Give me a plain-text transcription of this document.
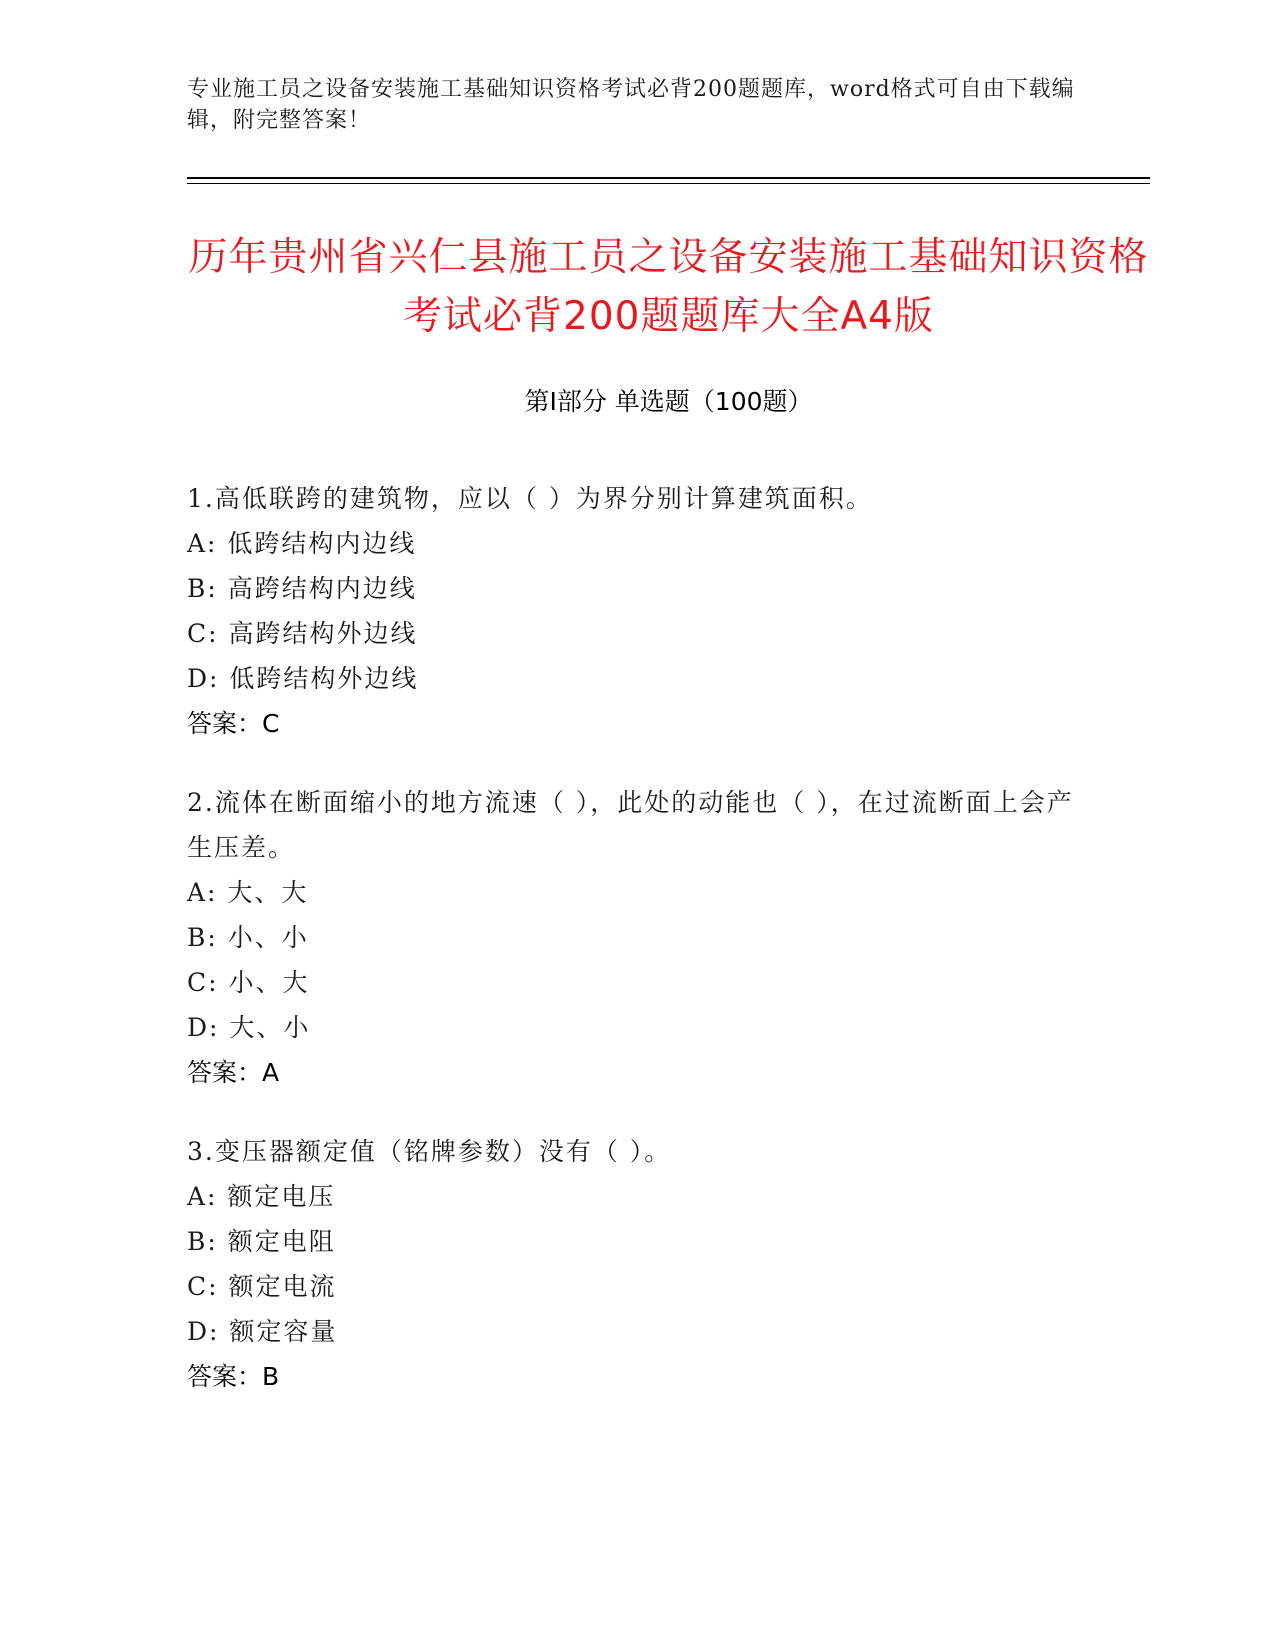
专业施工员之设备安装施工基础知识资格考试必背200题题库，word格式可自由下载编辑，附完整答案！
历年贵州省兴仁县施工员之设备安装施工基础知识资格考试必背200题题库大全A4版
第Ⅰ部分 单选题（100题）
1.高低联跨的建筑物，应以（ ）为界分别计算建筑面积。
A: 低跨结构内边线
B: 高跨结构内边线
C: 高跨结构外边线
D: 低跨结构外边线
答案：C
2.流体在断面缩小的地方流速（ ），此处的动能也（ ），在过流断面上会产生压差。
A: 大、大
B: 小、小
C: 小、大
D: 大、小
答案：A
3.变压器额定值（铭牌参数）没有（ ）。
A: 额定电压
B: 额定电阻
C: 额定电流
D: 额定容量
答案：B
